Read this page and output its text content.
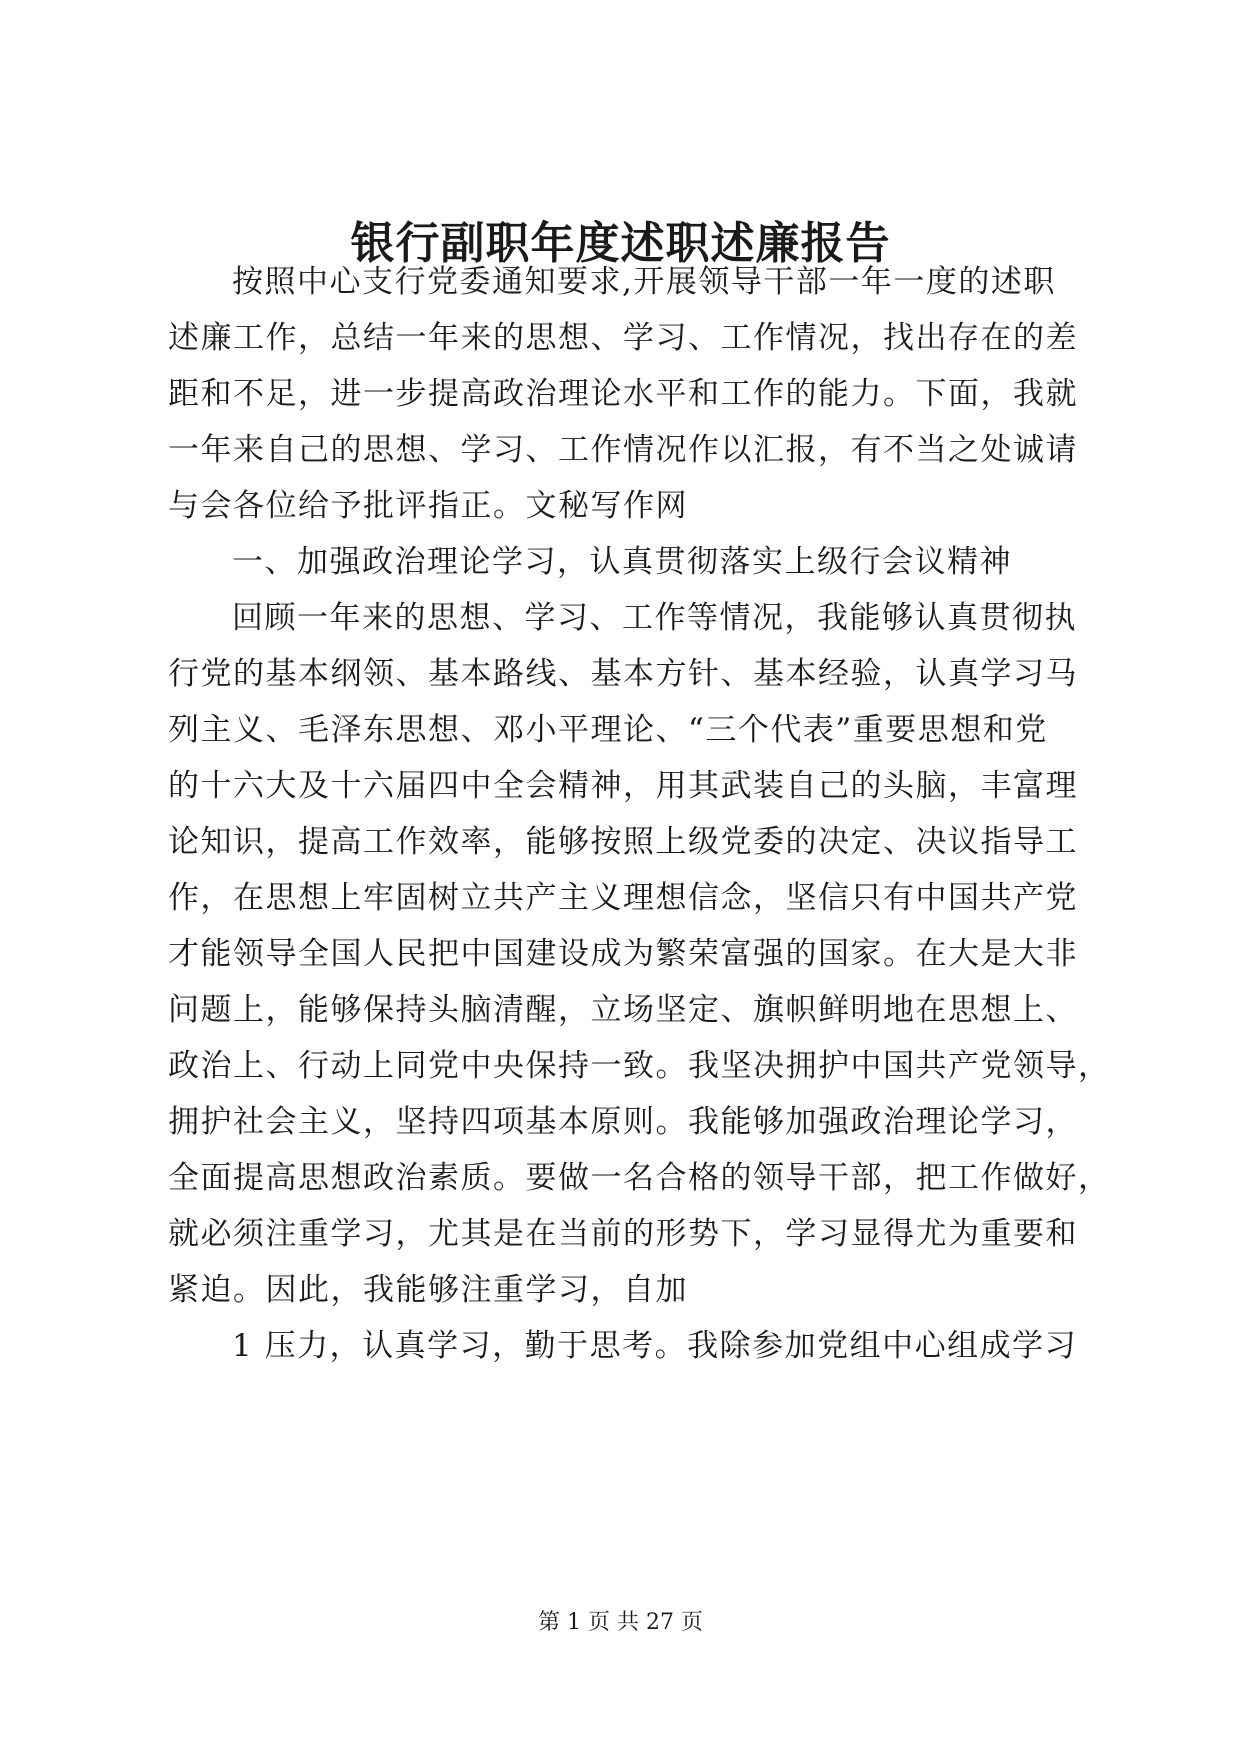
银行副职年度述职述廉报告
按照中心支行党委通知要求,开展领导干部一年一度的述职
述廉工作，总结一年来的思想、学习、工作情况，找出存在的差
距和不足，进一步提高政治理论水平和工作的能力。下面，我就
一年来自己的思想、学习、工作情况作以汇报，有不当之处诚请
与会各位给予批评指正。文秘写作网
一、加强政治理论学习，认真贯彻落实上级行会议精神
回顾一年来的思想、学习、工作等情况，我能够认真贯彻执
行党的基本纲领、基本路线、基本方针、基本经验，认真学习马
列主义、毛泽东思想、邓小平理论、“三个代表”重要思想和党
的十六大及十六届四中全会精神，用其武装自己的头脑，丰富理
论知识，提高工作效率，能够按照上级党委的决定、决议指导工
作，在思想上牢固树立共产主义理想信念，坚信只有中国共产党
才能领导全国人民把中国建设成为繁荣富强的国家。在大是大非
问题上，能够保持头脑清醒，立场坚定、旗帜鲜明地在思想上、
政治上、行动上同党中央保持一致。我坚决拥护中国共产党领导，
拥护社会主义，坚持四项基本原则。我能够加强政治理论学习，
全面提高思想政治素质。要做一名合格的领导干部，把工作做好，
就必须注重学习，尤其是在当前的形势下，学习显得尤为重要和
紧迫。因此，我能够注重学习，自加
1 压力，认真学习，勤于思考。我除参加党组中心组成学习
第 1 页 共 27 页
